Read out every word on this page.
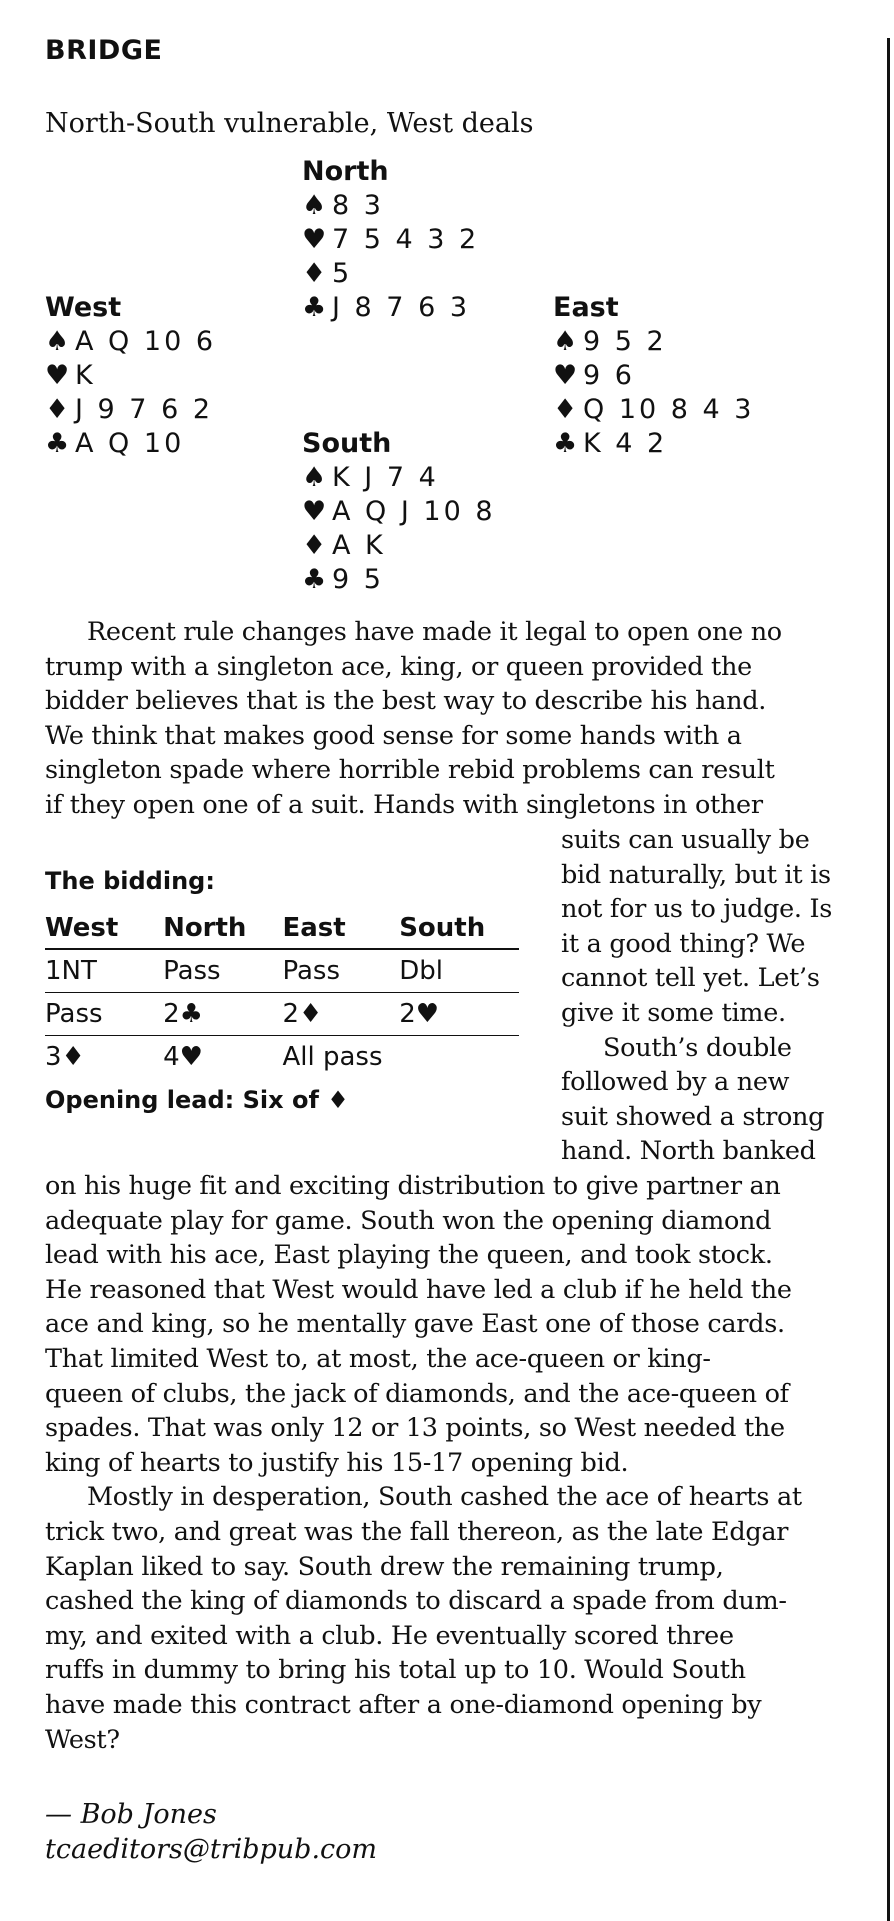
BRIDGE
North-South vulnerable, West deals
North
♠ 8 3
♥ 7 5 4 3 2
♦ 5
♣ J 8 7 6 3
West
♠ A Q 10 6
♥ K
♦ J 9 7 6 2
♣ A Q 10
East
♠ 9 5 2
♥ 9 6
♦ Q 10 8 4 3
♣ K 4 2
South
♠ K J 7 4
♥ A Q J 10 8
♦ A K
♣ 9 5
Recent rule changes have made it legal to open one no
trump with a singleton ace, king, or queen provided the
bidder believes that is the best way to describe his hand.
We think that makes good sense for some hands with a
singleton spade where horrible rebid problems can result
if they open one of a suit. Hands with singletons in other
suits can usually be
bid naturally, but it is
not for us to judge. Is
it a good thing? We
cannot tell yet. Let’s
give it some time.
South’s double
followed by a new
suit showed a strong
hand. North banked
The bidding:
West	North	East	South
1NT	Pass	Pass	Dbl
Pass	2♣	2♦	2♥
3♦	4♥	All pass	
Opening lead: Six of ♦
on his huge fit and exciting distribution to give partner an
adequate play for game. South won the opening diamond
lead with his ace, East playing the queen, and took stock.
He reasoned that West would have led a club if he held the
ace and king, so he mentally gave East one of those cards.
That limited West to, at most, the ace-queen or king-
queen of clubs, the jack of diamonds, and the ace-queen of
spades. That was only 12 or 13 points, so West needed the
king of hearts to justify his 15-17 opening bid.
Mostly in desperation, South cashed the ace of hearts at
trick two, and great was the fall thereon, as the late Edgar
Kaplan liked to say. South drew the remaining trump,
cashed the king of diamonds to discard a spade from dum-
my, and exited with a club. He eventually scored three
ruffs in dummy to bring his total up to 10. Would South
have made this contract after a one-diamond opening by
West?
— Bob Jones
tcaeditors@tribpub.com
